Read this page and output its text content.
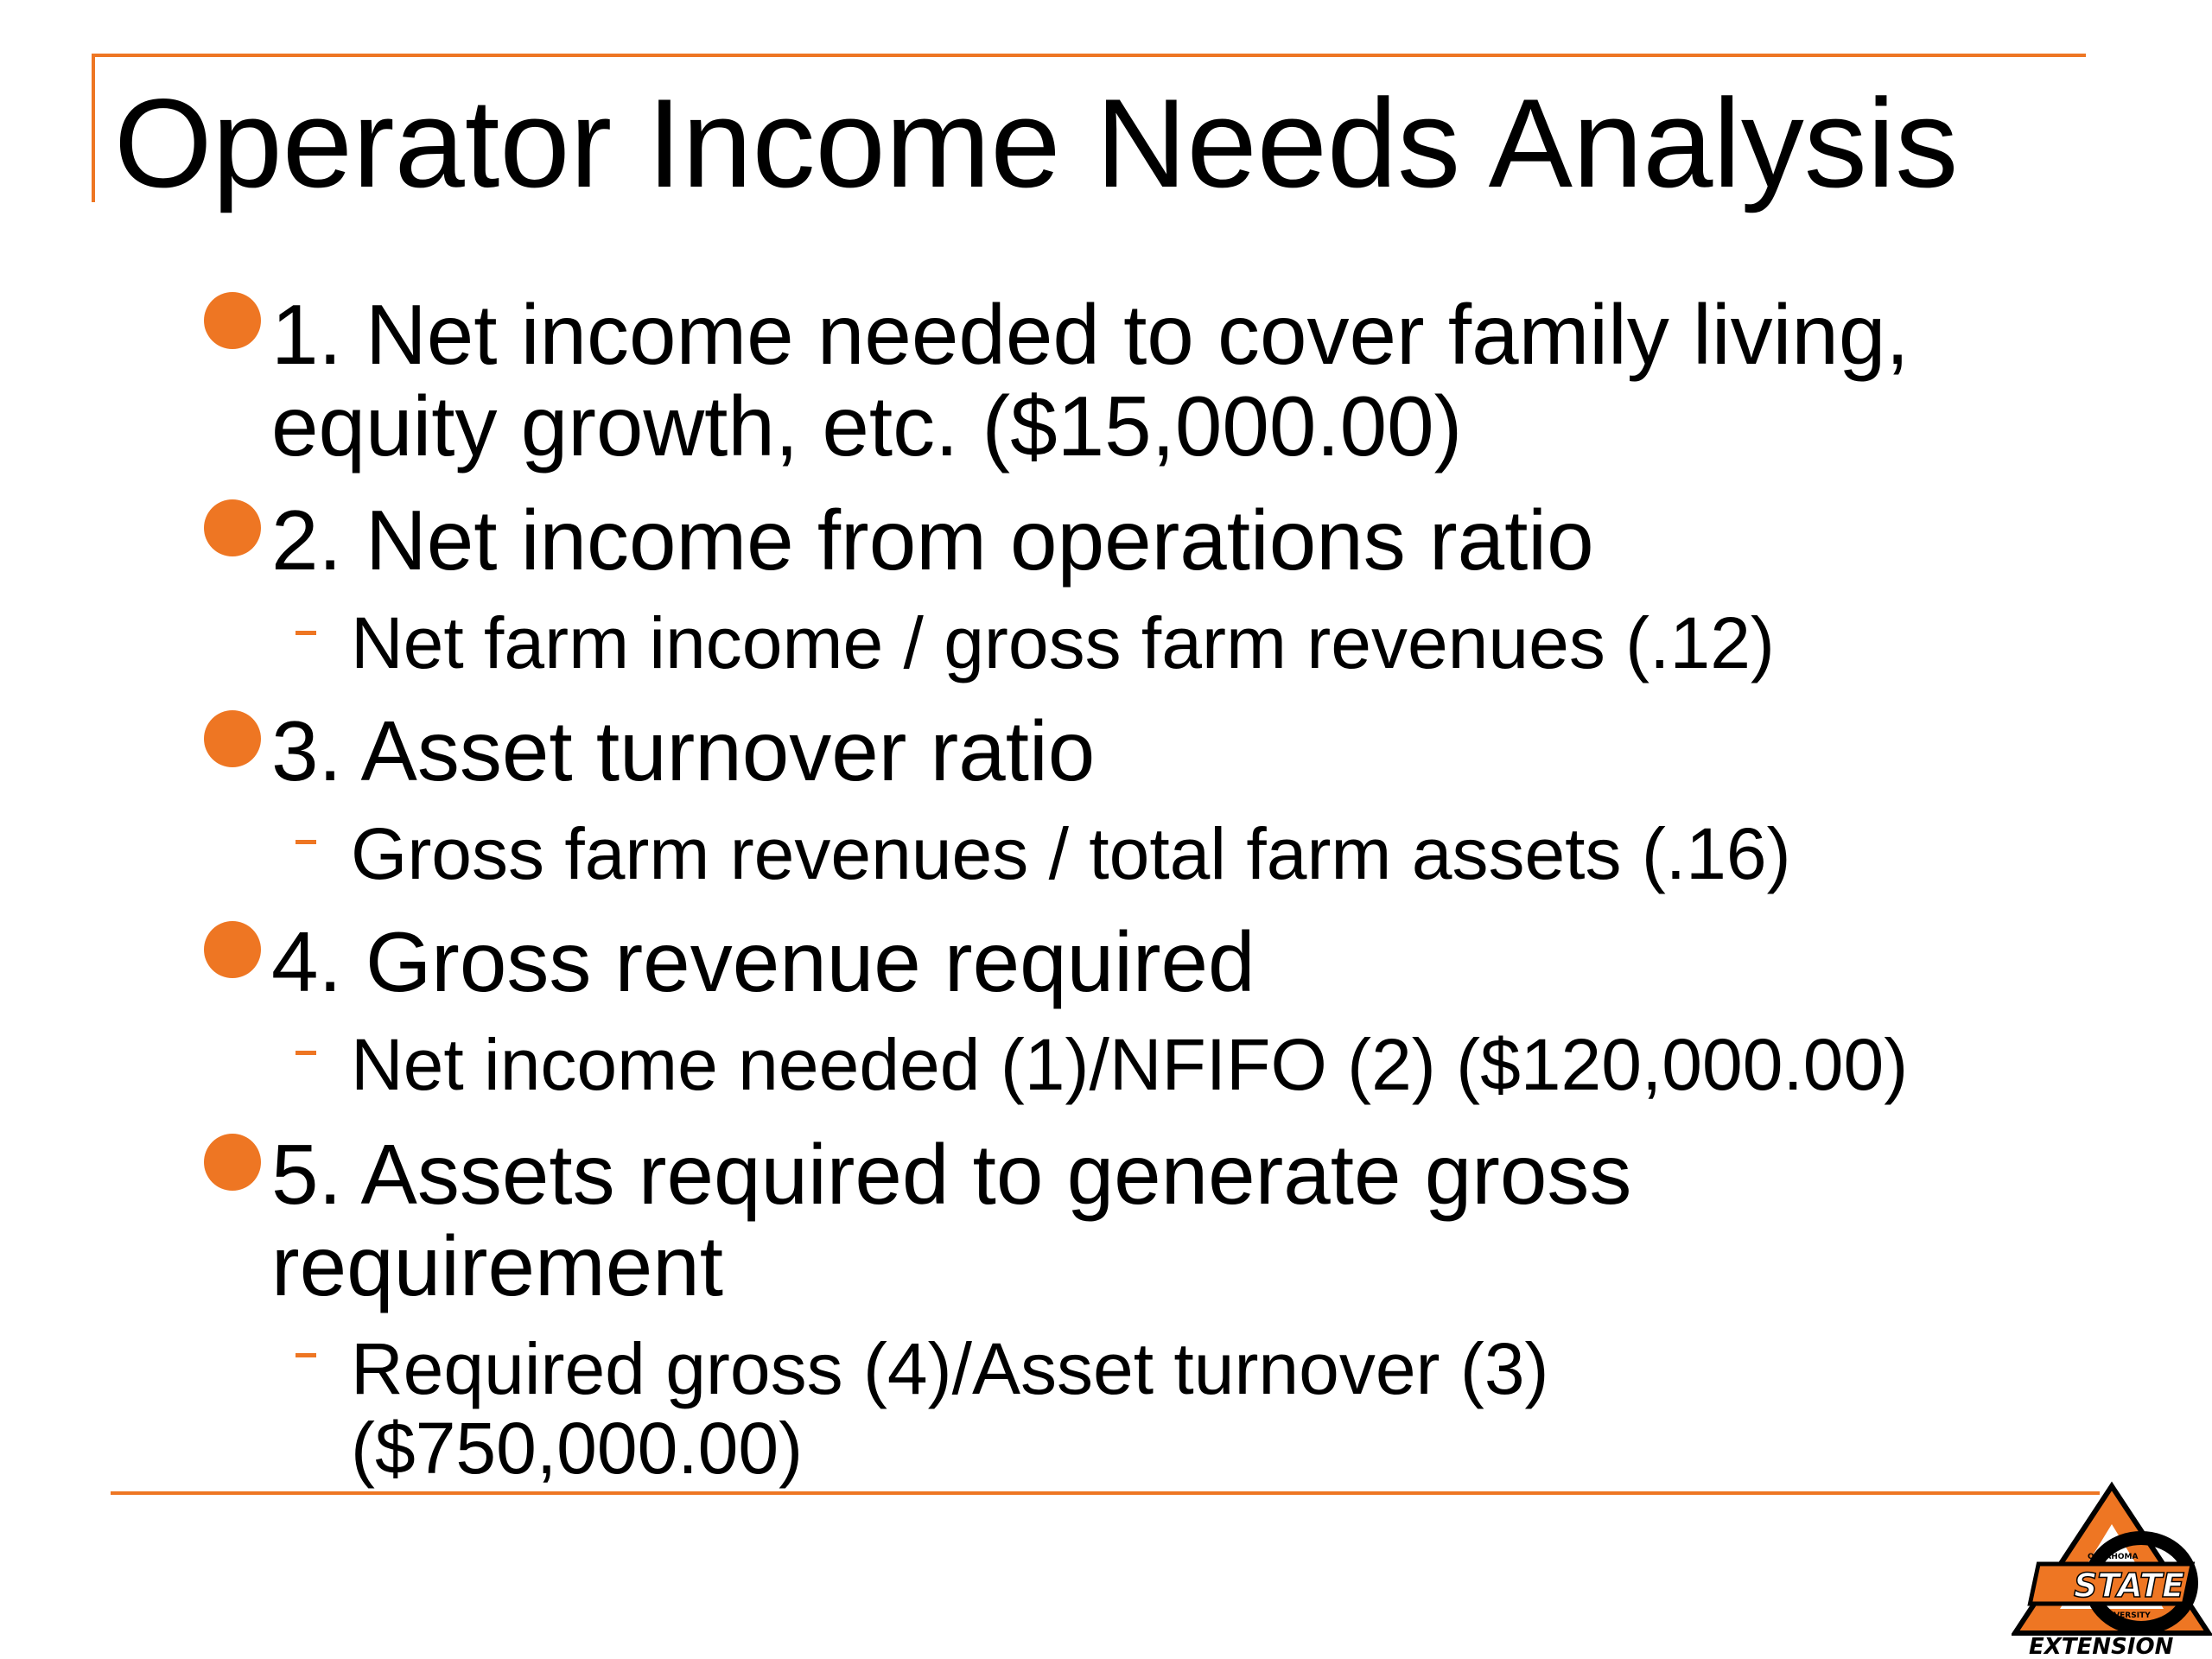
Operator Income Needs Analysis

1. Net income needed to cover family living,
equity growth, etc. ($15,000.00)

2. Net income from operations ratio

Net farm income / gross farm revenues (.12)

3. Asset turnover ratio

Gross farm revenues / total farm assets (.16)

4. Gross revenue required

Net income needed (1)/NFIFO (2) ($120,000.00)

5. Assets required to generate gross
requirement

Required gross (4)/Asset turnover (3)
($750,000.00)

OKLAHOMA
STATE
UNIVERSITY
EXTENSION
